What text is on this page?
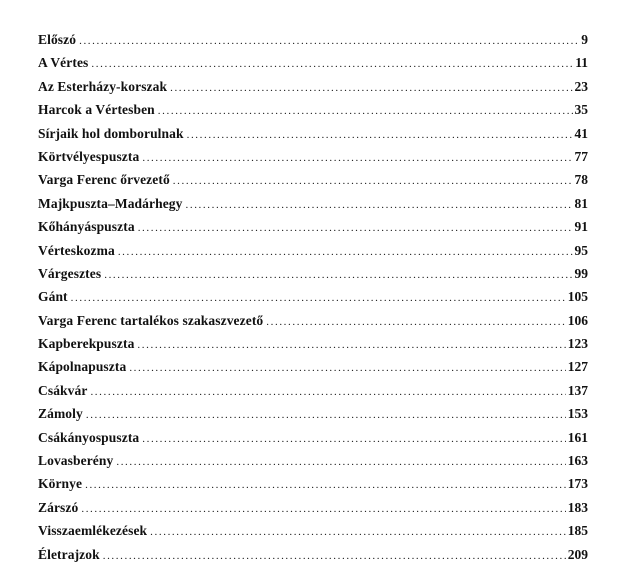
Előszó .....	9
A Vértes .....	11
Az Esterházy-korszak .....	23
Harcok a Vértesben .....	35
Sírjaik hol domborulnak .....	41
Körtvélyespuszta .....	77
Varga Ferenc őrvezető .....	78
Majkpuszta–Madárhegy .....	81
Kőhányáspuszta .....	91
Vérteskozma .....	95
Várgesztes .....	99
Gánt .....	105
Varga Ferenc tartalékos szakaszvezető .....	106
Kapberekpuszta .....	123
Kápolnapuszta .....	127
Csákvár .....	137
Zámoly .....	153
Csákányospuszta .....	161
Lovasberény .....	163
Környe .....	173
Zárszó .....	183
Visszaemlékezések .....	185
Életrajzok .....	209
